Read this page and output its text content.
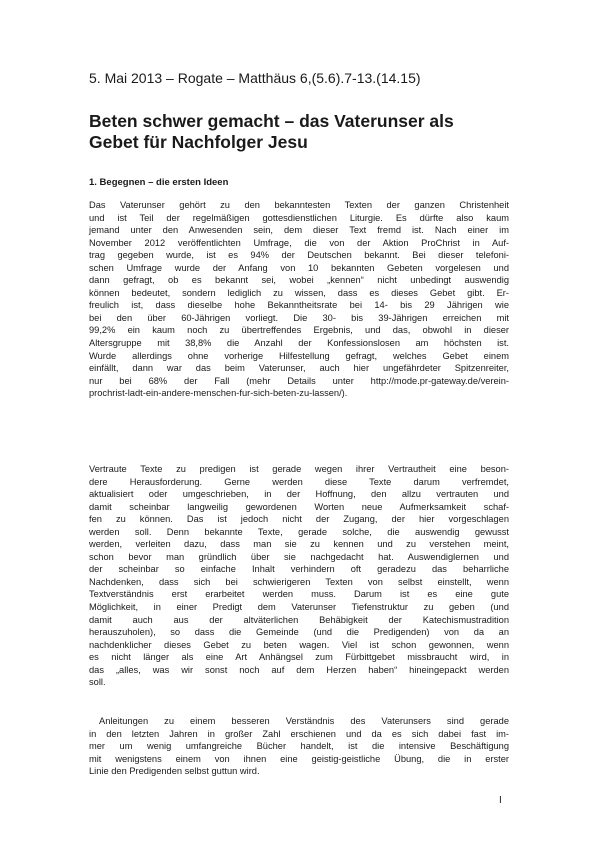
5. Mai 2013 – Rogate – Matthäus 6,(5.6).7-13.(14.15)
Beten schwer gemacht – das Vaterunser als
Gebet für Nachfolger Jesu
1. Begegnen – die ersten Ideen
Das Vaterunser gehört zu den bekanntesten Texten der ganzen Christenheit
und ist Teil der regelmäßigen gottesdienstlichen Liturgie. Es dürfte also kaum
jemand unter den Anwesenden sein, dem dieser Text fremd ist. Nach einer im
November 2012 veröffentlichten Umfrage, die von der Aktion ProChrist in Auf-
trag gegeben wurde, ist es 94% der Deutschen bekannt. Bei dieser telefoni-
schen Umfrage wurde der Anfang von 10 bekannten Gebeten vorgelesen und
dann gefragt, ob es bekannt sei, wobei „kennen“ nicht unbedingt auswendig
können bedeutet, sondern lediglich zu wissen, dass es dieses Gebet gibt. Er-
freulich ist, dass dieselbe hohe Bekanntheitsrate bei 14- bis 29 Jährigen wie
bei den über 60-Jährigen vorliegt. Die 30- bis 39-Jährigen erreichen mit
99,2% ein kaum noch zu übertreffendes Ergebnis, und das, obwohl in dieser
Altersgruppe mit 38,8% die Anzahl der Konfessionslosen am höchsten ist.
Wurde allerdings ohne vorherige Hilfestellung gefragt, welches Gebet einem
einfällt, dann war das beim Vaterunser, auch hier ungefährdeter Spitzenreiter,
nur bei 68% der Fall (mehr Details unter http://mode.pr-gateway.de/verein-
prochrist-ladt-ein-andere-menschen-fur-sich-beten-zu-lassen/).
Vertraute Texte zu predigen ist gerade wegen ihrer Vertrautheit eine beson-
dere Herausforderung. Gerne werden diese Texte darum verfremdet,
aktualisiert oder umgeschrieben, in der Hoffnung, den allzu vertrauten und
damit scheinbar langweilig gewordenen Worten neue Aufmerksamkeit schaf-
fen zu können. Das ist jedoch nicht der Zugang, der hier vorgeschlagen
werden soll. Denn bekannte Texte, gerade solche, die auswendig gewusst
werden, verleiten dazu, dass man sie zu kennen und zu verstehen meint,
schon bevor man gründlich über sie nachgedacht hat. Auswendiglernen und
der scheinbar so einfache Inhalt verhindern oft geradezu das beharrliche
Nachdenken, dass sich bei schwierigeren Texten von selbst einstellt, wenn
Textverständnis erst erarbeitet werden muss. Darum ist es eine gute
Möglichkeit, in einer Predigt dem Vaterunser Tiefenstruktur zu geben (und
damit auch aus der altväterlichen Behäbigkeit der Katechismustradition
herauszuholen), so dass die Gemeinde (und die Predigenden) von da an
nachdenklicher dieses Gebet zu beten wagen. Viel ist schon gewonnen, wenn
es nicht länger als eine Art Anhängsel zum Fürbittgebet missbraucht wird, in
das „alles, was wir sonst noch auf dem Herzen haben“ hineingepackt werden
soll.
Anleitungen zu einem besseren Verständnis des Vaterunsers sind gerade
in den letzten Jahren in großer Zahl erschienen und da es sich dabei fast im-
mer um wenig umfangreiche Bücher handelt, ist die intensive Beschäftigung
mit wenigstens einem von ihnen eine geistig-geistliche Übung, die in erster
Linie den Predigenden selbst guttun wird.
I
